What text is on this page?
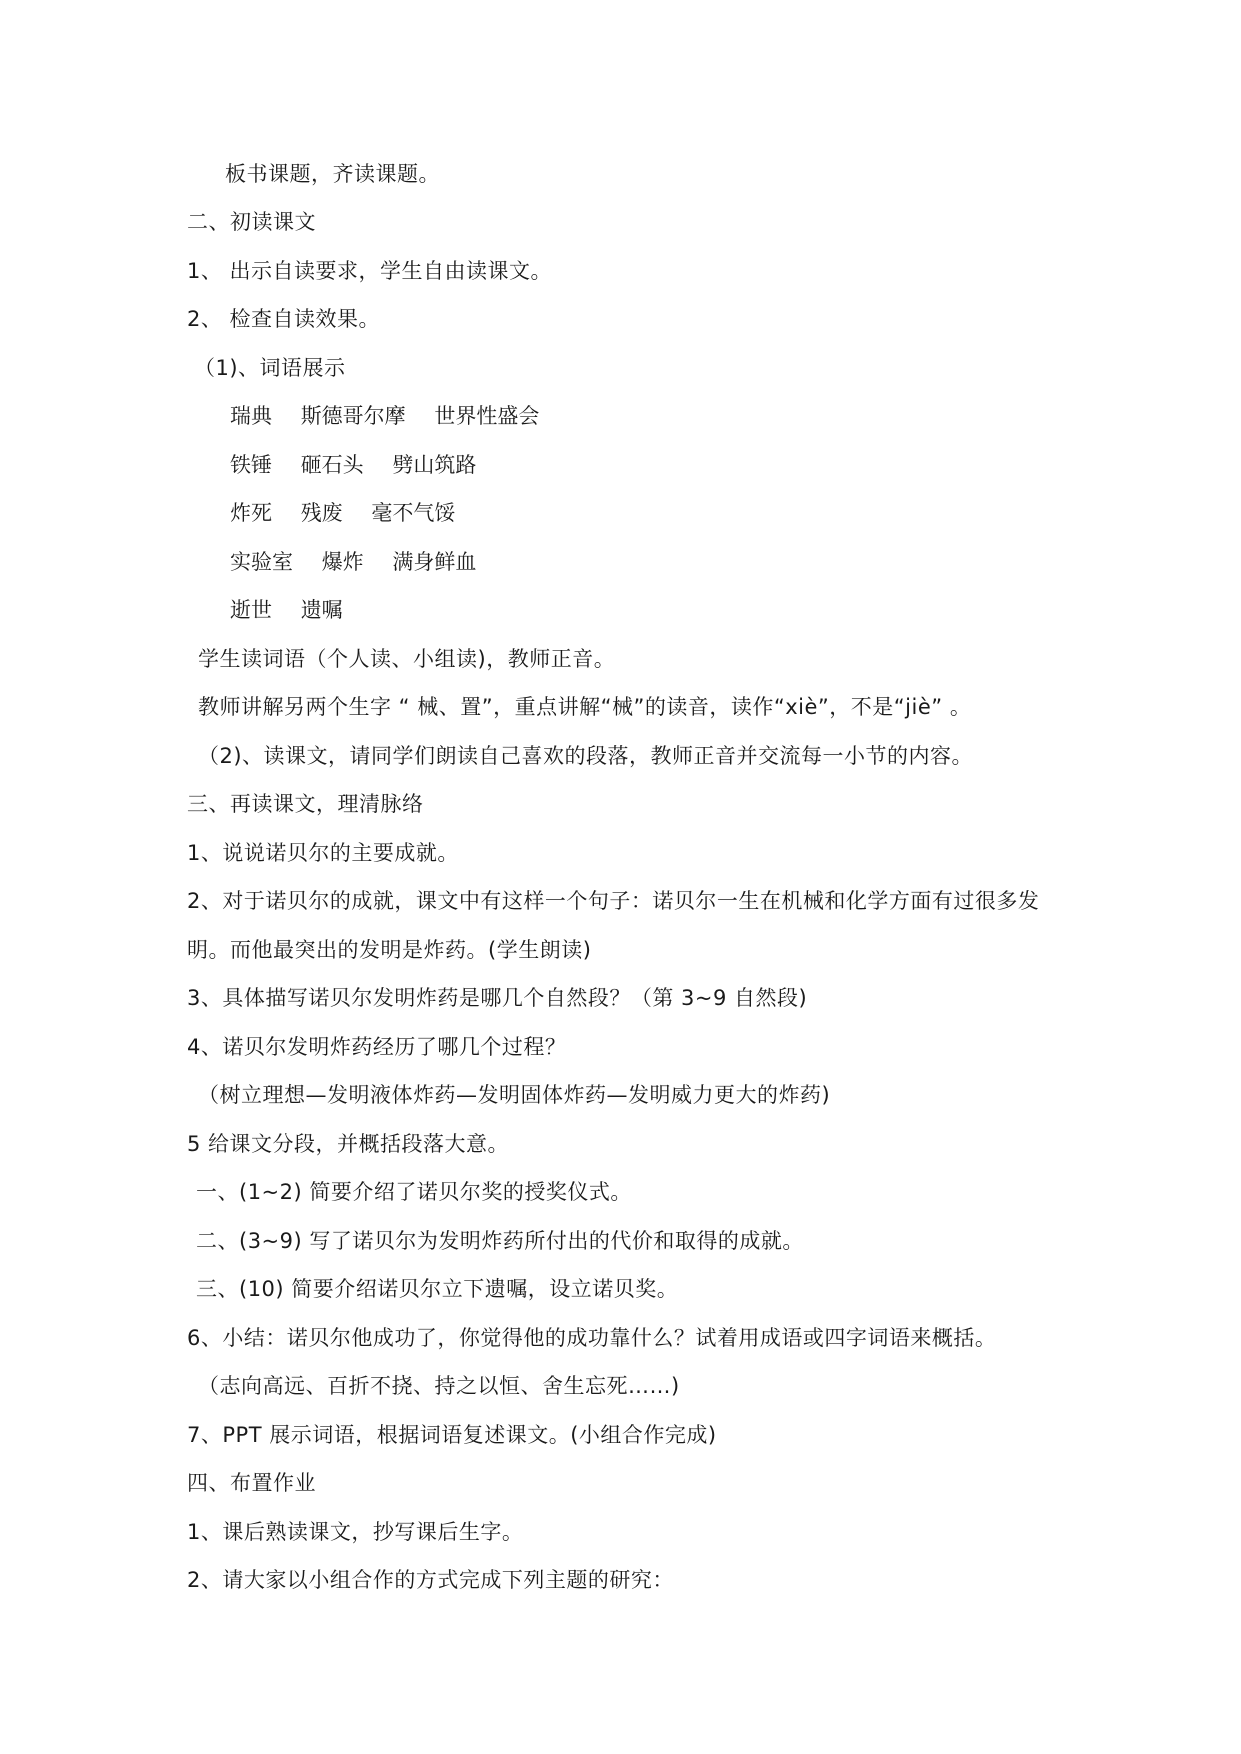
板书课题，齐读课题。
二、初读课文
1、 出示自读要求，学生自由读课文。
2、 检查自读效果。
（1)、词语展示
瑞典 斯德哥尔摩 世界性盛会
铁锤 砸石头 劈山筑路
炸死 残废 毫不气馁
实验室 爆炸 满身鲜血
逝世 遗嘱
学生读词语（个人读、小组读)，教师正音。
教师讲解另两个生字 “ 械、置”，重点讲解“械”的读音，读作“xiè”，不是“jiè” 。
（2)、读课文，请同学们朗读自己喜欢的段落，教师正音并交流每一小节的内容。
三、再读课文，理清脉络
1、说说诺贝尔的主要成就。
2、对于诺贝尔的成就，课文中有这样一个句子：诺贝尔一生在机械和化学方面有过很多发
明。而他最突出的发明是炸药。(学生朗读)
3、具体描写诺贝尔发明炸药是哪几个自然段？（第 3~9 自然段)
4、诺贝尔发明炸药经历了哪几个过程？
（树立理想—发明液体炸药—发明固体炸药—发明威力更大的炸药)
5 给课文分段，并概括段落大意。
一、(1~2) 简要介绍了诺贝尔奖的授奖仪式。
二、(3~9) 写了诺贝尔为发明炸药所付出的代价和取得的成就。
三、(10) 简要介绍诺贝尔立下遗嘱，设立诺贝奖。
6、小结：诺贝尔他成功了，你觉得他的成功靠什么？试着用成语或四字词语来概括。
（志向高远、百折不挠、持之以恒、舍生忘死……)
7、PPT 展示词语，根据词语复述课文。(小组合作完成)
四、布置作业
1、课后熟读课文，抄写课后生字。
2、请大家以小组合作的方式完成下列主题的研究：
